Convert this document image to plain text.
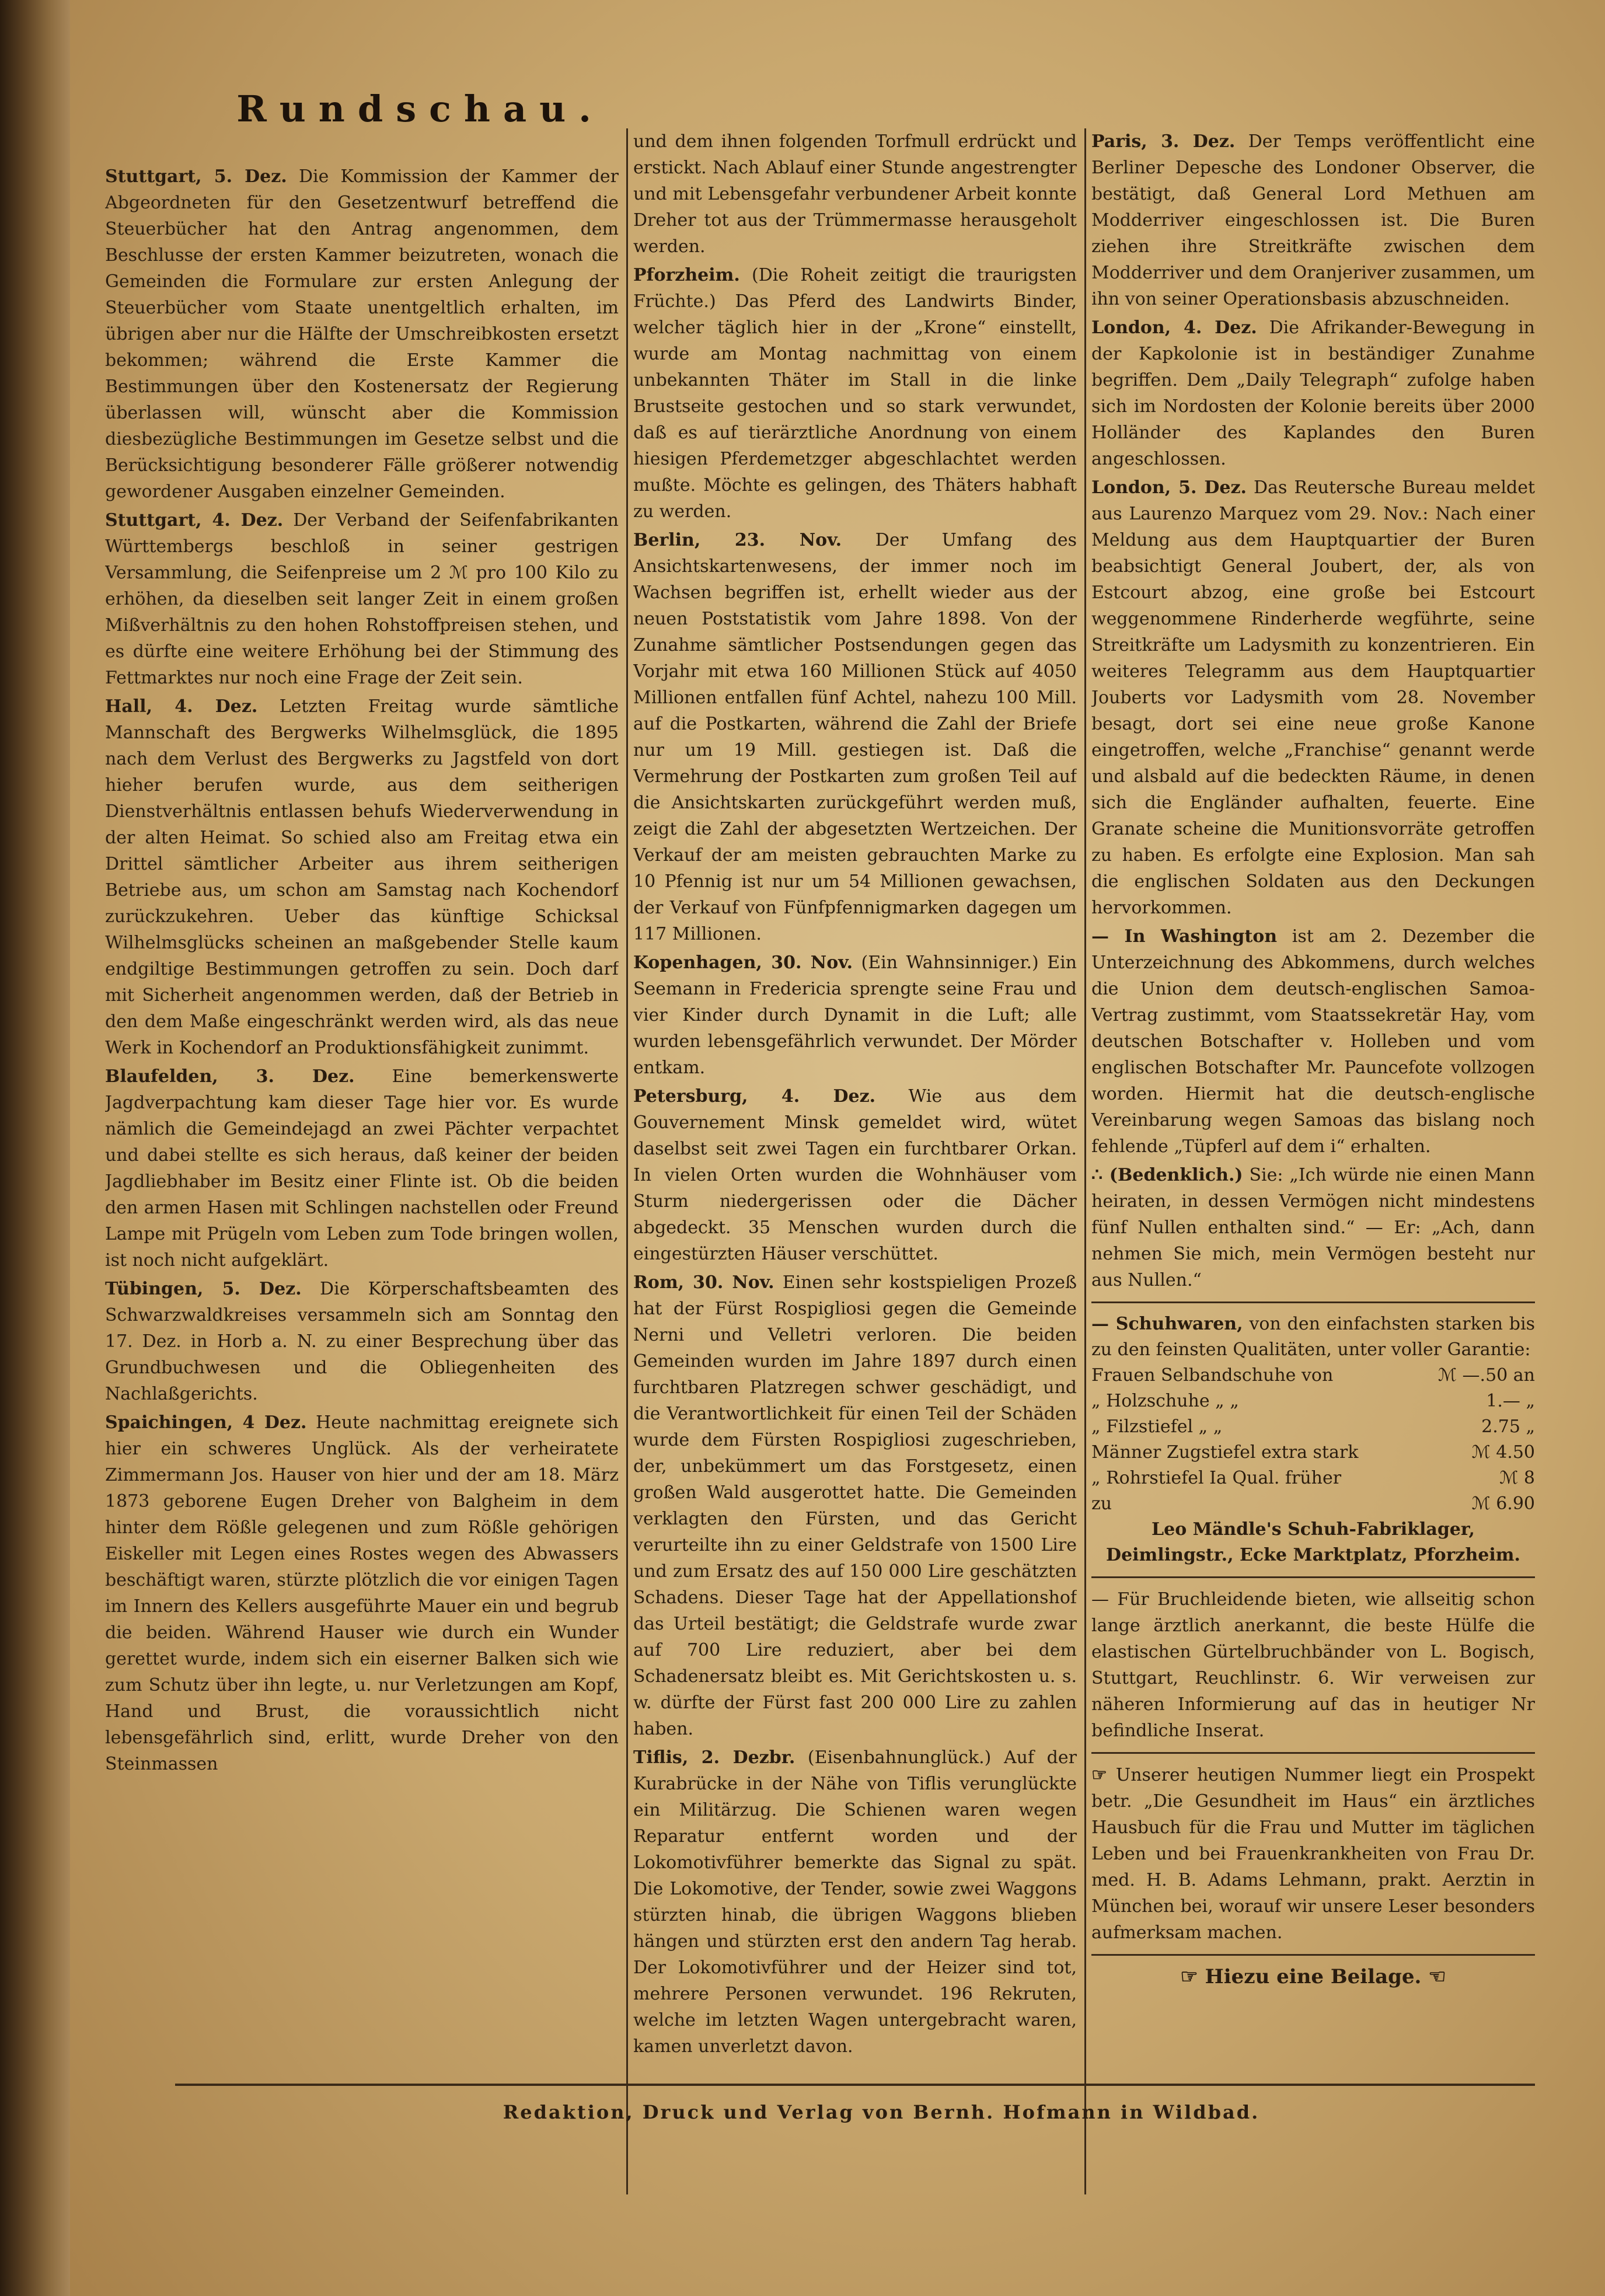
Rundschau.

Stuttgart, 5. Dez. Die Kommission der Kammer der Abgeordneten für den Gesetzentwurf betreffend die Steuerbücher hat den Antrag angenommen, dem Beschlusse der ersten Kammer beizutreten, wonach die Gemeinden die Formulare zur ersten Anlegung der Steuerbücher vom Staate unentgeltlich erhalten, im übrigen aber nur die Hälfte der Umschreibkosten ersetzt bekommen; während die Erste Kammer die Bestimmungen über den Kostenersatz der Regierung überlassen will, wünscht aber die Kommission diesbezügliche Bestimmungen im Gesetze selbst und die Berücksichtigung besonderer Fälle größerer notwendig gewordener Ausgaben einzelner Gemeinden.

Stuttgart, 4. Dez. Der Verband der Seifenfabrikanten Württembergs beschloß in seiner gestrigen Versammlung, die Seifenpreise um 2 ℳ pro 100 Kilo zu erhöhen, da dieselben seit langer Zeit in einem großen Mißverhältnis zu den hohen Rohstoffpreisen stehen, und es dürfte eine weitere Erhöhung bei der Stimmung des Fettmarktes nur noch eine Frage der Zeit sein.

Hall, 4. Dez. Letzten Freitag wurde sämtliche Mannschaft des Bergwerks Wilhelmsglück, die 1895 nach dem Verlust des Bergwerks zu Jagstfeld von dort hieher berufen wurde, aus dem seitherigen Dienstverhältnis entlassen behufs Wiederverwendung in der alten Heimat. So schied also am Freitag etwa ein Drittel sämtlicher Arbeiter aus ihrem seitherigen Betriebe aus, um schon am Samstag nach Kochendorf zurückzukehren. Ueber das künftige Schicksal Wilhelmsglücks scheinen an maßgebender Stelle kaum endgiltige Bestimmungen getroffen zu sein. Doch darf mit Sicherheit angenommen werden, daß der Betrieb in den dem Maße eingeschränkt werden wird, als das neue Werk in Kochendorf an Produktionsfähigkeit zunimmt.

Blaufelden, 3. Dez. Eine bemerkenswerte Jagdverpachtung kam dieser Tage hier vor. Es wurde nämlich die Gemeindejagd an zwei Pächter verpachtet und dabei stellte es sich heraus, daß keiner der beiden Jagdliebhaber im Besitz einer Flinte ist. Ob die beiden den armen Hasen mit Schlingen nachstellen oder Freund Lampe mit Prügeln vom Leben zum Tode bringen wollen, ist noch nicht aufgeklärt.

Tübingen, 5. Dez. Die Körperschaftsbeamten des Schwarzwaldkreises versammeln sich am Sonntag den 17. Dez. in Horb a. N. zu einer Besprechung über das Grundbuchwesen und die Obliegenheiten des Nachlaßgerichts.

Spaichingen, 4 Dez. Heute nachmittag ereignete sich hier ein schweres Unglück. Als der verheiratete Zimmermann Jos. Hauser von hier und der am 18. März 1873 geborene Eugen Dreher von Balgheim in dem hinter dem Rößle gelegenen und zum Rößle gehörigen Eiskeller mit Legen eines Rostes wegen des Abwassers beschäftigt waren, stürzte plötzlich die vor einigen Tagen im Innern des Kellers ausgeführte Mauer ein und begrub die beiden. Während Hauser wie durch ein Wunder gerettet wurde, indem sich ein eiserner Balken sich wie zum Schutz über ihn legte, u. nur Verletzungen am Kopf, Hand und Brust, die voraussichtlich nicht lebensgefährlich sind, erlitt, wurde Dreher von den Steinmassen

und dem ihnen folgenden Torfmull erdrückt und erstickt. Nach Ablauf einer Stunde angestrengter und mit Lebensgefahr verbundener Arbeit konnte Dreher tot aus der Trümmermasse herausgeholt werden.

Pforzheim. (Die Roheit zeitigt die traurigsten Früchte.) Das Pferd des Landwirts Binder, welcher täglich hier in der „Krone“ einstellt, wurde am Montag nachmittag von einem unbekannten Thäter im Stall in die linke Brustseite gestochen und so stark verwundet, daß es auf tierärztliche Anordnung von einem hiesigen Pferdemetzger abgeschlachtet werden mußte. Möchte es gelingen, des Thäters habhaft zu werden.

Berlin, 23. Nov. Der Umfang des Ansichtskartenwesens, der immer noch im Wachsen begriffen ist, erhellt wieder aus der neuen Poststatistik vom Jahre 1898. Von der Zunahme sämtlicher Postsendungen gegen das Vorjahr mit etwa 160 Millionen Stück auf 4050 Millionen entfallen fünf Achtel, nahezu 100 Mill. auf die Postkarten, während die Zahl der Briefe nur um 19 Mill. gestiegen ist. Daß die Vermehrung der Postkarten zum großen Teil auf die Ansichtskarten zurückgeführt werden muß, zeigt die Zahl der abgesetzten Wertzeichen. Der Verkauf der am meisten gebrauchten Marke zu 10 Pfennig ist nur um 54 Millionen gewachsen, der Verkauf von Fünfpfennigmarken dagegen um 117 Millionen.

Kopenhagen, 30. Nov. (Ein Wahnsinniger.) Ein Seemann in Fredericia sprengte seine Frau und vier Kinder durch Dynamit in die Luft; alle wurden lebensgefährlich verwundet. Der Mörder entkam.

Petersburg, 4. Dez. Wie aus dem Gouvernement Minsk gemeldet wird, wütet daselbst seit zwei Tagen ein furchtbarer Orkan. In vielen Orten wurden die Wohnhäuser vom Sturm niedergerissen oder die Dächer abgedeckt. 35 Menschen wurden durch die eingestürzten Häuser verschüttet.

Rom, 30. Nov. Einen sehr kostspieligen Prozeß hat der Fürst Rospigliosi gegen die Gemeinde Nerni und Velletri verloren. Die beiden Gemeinden wurden im Jahre 1897 durch einen furchtbaren Platzregen schwer geschädigt, und die Verantwortlichkeit für einen Teil der Schäden wurde dem Fürsten Rospigliosi zugeschrieben, der, unbekümmert um das Forstgesetz, einen großen Wald ausgerottet hatte. Die Gemeinden verklagten den Fürsten, und das Gericht verurteilte ihn zu einer Geldstrafe von 1500 Lire und zum Ersatz des auf 150 000 Lire geschätzten Schadens. Dieser Tage hat der Appellationshof das Urteil bestätigt; die Geldstrafe wurde zwar auf 700 Lire reduziert, aber bei dem Schadenersatz bleibt es. Mit Gerichtskosten u. s. w. dürfte der Fürst fast 200 000 Lire zu zahlen haben.

Tiflis, 2. Dezbr. (Eisenbahnunglück.) Auf der Kurabrücke in der Nähe von Tiflis verunglückte ein Militärzug. Die Schienen waren wegen Reparatur entfernt worden und der Lokomotivführer bemerkte das Signal zu spät. Die Lokomotive, der Tender, sowie zwei Waggons stürzten hinab, die übrigen Waggons blieben hängen und stürzten erst den andern Tag herab. Der Lokomotivführer und der Heizer sind tot, mehrere Personen verwundet. 196 Rekruten, welche im letzten Wagen untergebracht waren, kamen unverletzt davon.

Paris, 3. Dez. Der Temps veröffentlicht eine Berliner Depesche des Londoner Observer, die bestätigt, daß General Lord Methuen am Modderriver eingeschlossen ist. Die Buren ziehen ihre Streitkräfte zwischen dem Modderriver und dem Oranjeriver zusammen, um ihn von seiner Operationsbasis abzuschneiden.

London, 4. Dez. Die Afrikander-Bewegung in der Kapkolonie ist in beständiger Zunahme begriffen. Dem „Daily Telegraph“ zufolge haben sich im Nordosten der Kolonie bereits über 2000 Holländer des Kaplandes den Buren angeschlossen.

London, 5. Dez. Das Reutersche Bureau meldet aus Laurenzo Marquez vom 29. Nov.: Nach einer Meldung aus dem Hauptquartier der Buren beabsichtigt General Joubert, der, als von Estcourt abzog, eine große bei Estcourt weggenommene Rinderherde wegführte, seine Streitkräfte um Ladysmith zu konzentrieren. Ein weiteres Telegramm aus dem Hauptquartier Jouberts vor Ladysmith vom 28. November besagt, dort sei eine neue große Kanone eingetroffen, welche „Franchise“ genannt werde und alsbald auf die bedeckten Räume, in denen sich die Engländer aufhalten, feuerte. Eine Granate scheine die Munitionsvorräte getroffen zu haben. Es erfolgte eine Explosion. Man sah die englischen Soldaten aus den Deckungen hervorkommen.

— In Washington ist am 2. Dezember die Unterzeichnung des Abkommens, durch welches die Union dem deutsch-englischen Samoa-Vertrag zustimmt, vom Staatssekretär Hay, vom deutschen Botschafter v. Holleben und vom englischen Botschafter Mr. Pauncefote vollzogen worden. Hiermit hat die deutsch-englische Vereinbarung wegen Samoas das bislang noch fehlende „Tüpferl auf dem i“ erhalten.

∴ (Bedenklich.) Sie: „Ich würde nie einen Mann heiraten, in dessen Vermögen nicht mindestens fünf Nullen enthalten sind.“ — Er: „Ach, dann nehmen Sie mich, mein Vermögen besteht nur aus Nullen.“

— Schuhwaren, von den einfachsten starken bis zu den feinsten Qualitäten, unter voller Garantie:

Frauen Selbandschuhe von	ℳ —.50 an
„ Holzschuhe „ „	1.— „
„ Filzstiefel „ „	2.75 „
Männer Zugstiefel extra stark	ℳ 4.50
„ Rohrstiefel Ia Qual. früher	ℳ 8
zu	ℳ 6.90

Leo Mändle's Schuh-Fabriklager, Deimlingstr., Ecke Marktplatz, Pforzheim.

— Für Bruchleidende bieten, wie allseitig schon lange ärztlich anerkannt, die beste Hülfe die elastischen Gürtelbruchbänder von L. Bogisch, Stuttgart, Reuchlinstr. 6. Wir verweisen zur näheren Informierung auf das in heutiger Nr befindliche Inserat.

☞ Unserer heutigen Nummer liegt ein Prospekt betr. „Die Gesundheit im Haus“ ein ärztliches Hausbuch für die Frau und Mutter im täglichen Leben und bei Frauenkrankheiten von Frau Dr. med. H. B. Adams Lehmann, prakt. Aerztin in München bei, worauf wir unsere Leser besonders aufmerksam machen.

☞ Hiezu eine Beilage. ☜
Redaktion, Druck und Verlag von Bernh. Hofmann in Wildbad.
